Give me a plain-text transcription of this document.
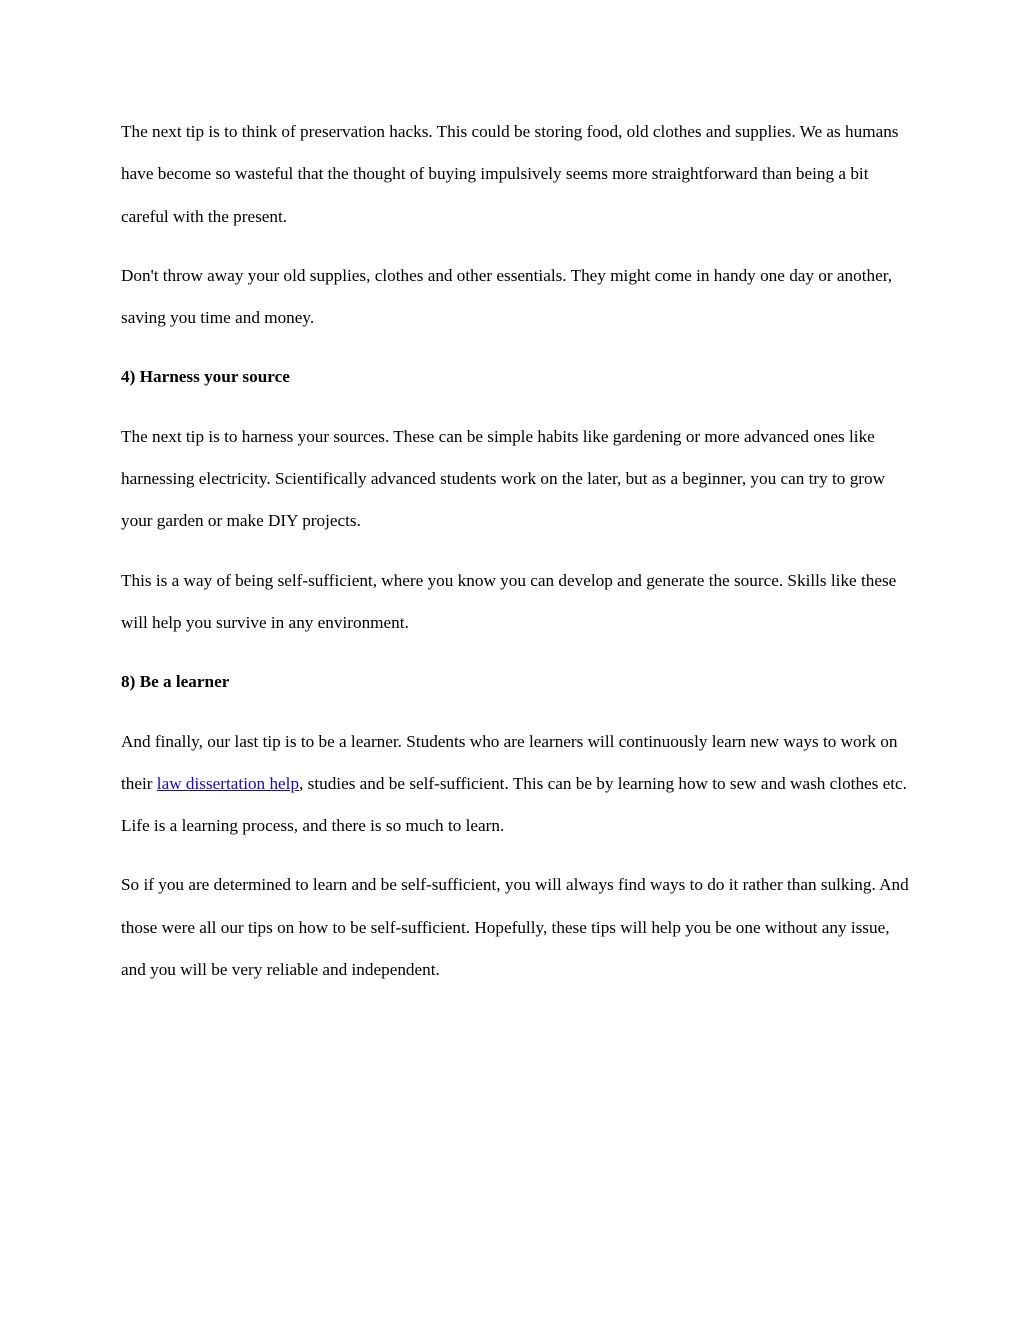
The next tip is to think of preservation hacks. This could be storing food, old clothes and supplies. We as humans have become so wasteful that the thought of buying impulsively seems more straightforward than being a bit careful with the present.

Don't throw away your old supplies, clothes and other essentials. They might come in handy one day or another, saving you time and money.

4) Harness your source

The next tip is to harness your sources. These can be simple habits like gardening or more advanced ones like harnessing electricity. Scientifically advanced students work on the later, but as a beginner, you can try to grow your garden or make DIY projects.

This is a way of being self-sufficient, where you know you can develop and generate the source. Skills like these will help you survive in any environment.

8) Be a learner

And finally, our last tip is to be a learner. Students who are learners will continuously learn new ways to work on their law dissertation help, studies and be self-sufficient. This can be by learning how to sew and wash clothes etc. Life is a learning process, and there is so much to learn.

So if you are determined to learn and be self-sufficient, you will always find ways to do it rather than sulking. And those were all our tips on how to be self-sufficient. Hopefully, these tips will help you be one without any issue, and you will be very reliable and independent.
